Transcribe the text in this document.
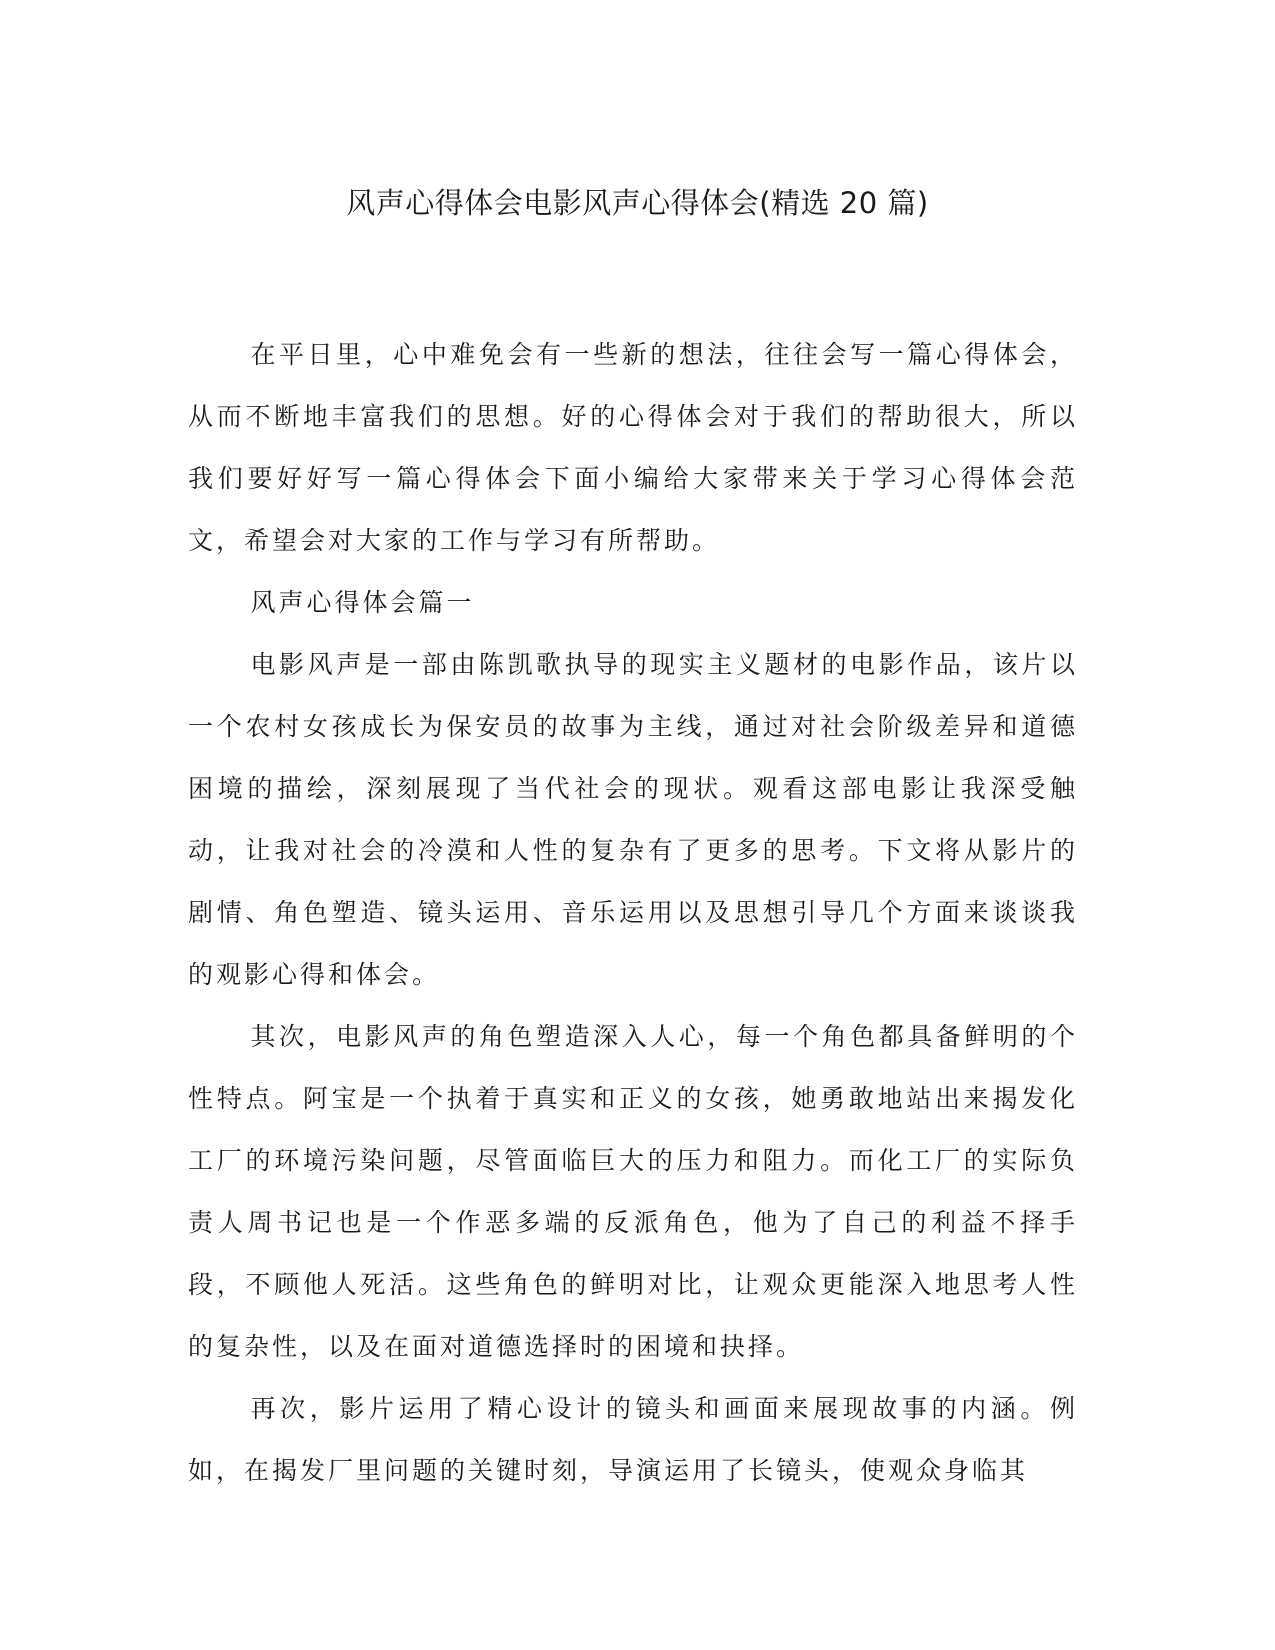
风声心得体会电影风声心得体会(精选 20 篇)

在平日里，心中难免会有一些新的想法，往往会写一篇心得体会，从而不断地丰富我们的思想。好的心得体会对于我们的帮助很大，所以我们要好好写一篇心得体会下面小编给大家带来关于学习心得体会范文，希望会对大家的工作与学习有所帮助。

风声心得体会篇一

电影风声是一部由陈凯歌执导的现实主义题材的电影作品，该片以一个农村女孩成长为保安员的故事为主线，通过对社会阶级差异和道德困境的描绘，深刻展现了当代社会的现状。观看这部电影让我深受触动，让我对社会的冷漠和人性的复杂有了更多的思考。下文将从影片的剧情、角色塑造、镜头运用、音乐运用以及思想引导几个方面来谈谈我的观影心得和体会。

其次，电影风声的角色塑造深入人心，每一个角色都具备鲜明的个性特点。阿宝是一个执着于真实和正义的女孩，她勇敢地站出来揭发化工厂的环境污染问题，尽管面临巨大的压力和阻力。而化工厂的实际负责人周书记也是一个作恶多端的反派角色，他为了自己的利益不择手段，不顾他人死活。这些角色的鲜明对比，让观众更能深入地思考人性的复杂性，以及在面对道德选择时的困境和抉择。

再次，影片运用了精心设计的镜头和画面来展现故事的内涵。例如，在揭发厂里问题的关键时刻，导演运用了长镜头，使观众身临其
